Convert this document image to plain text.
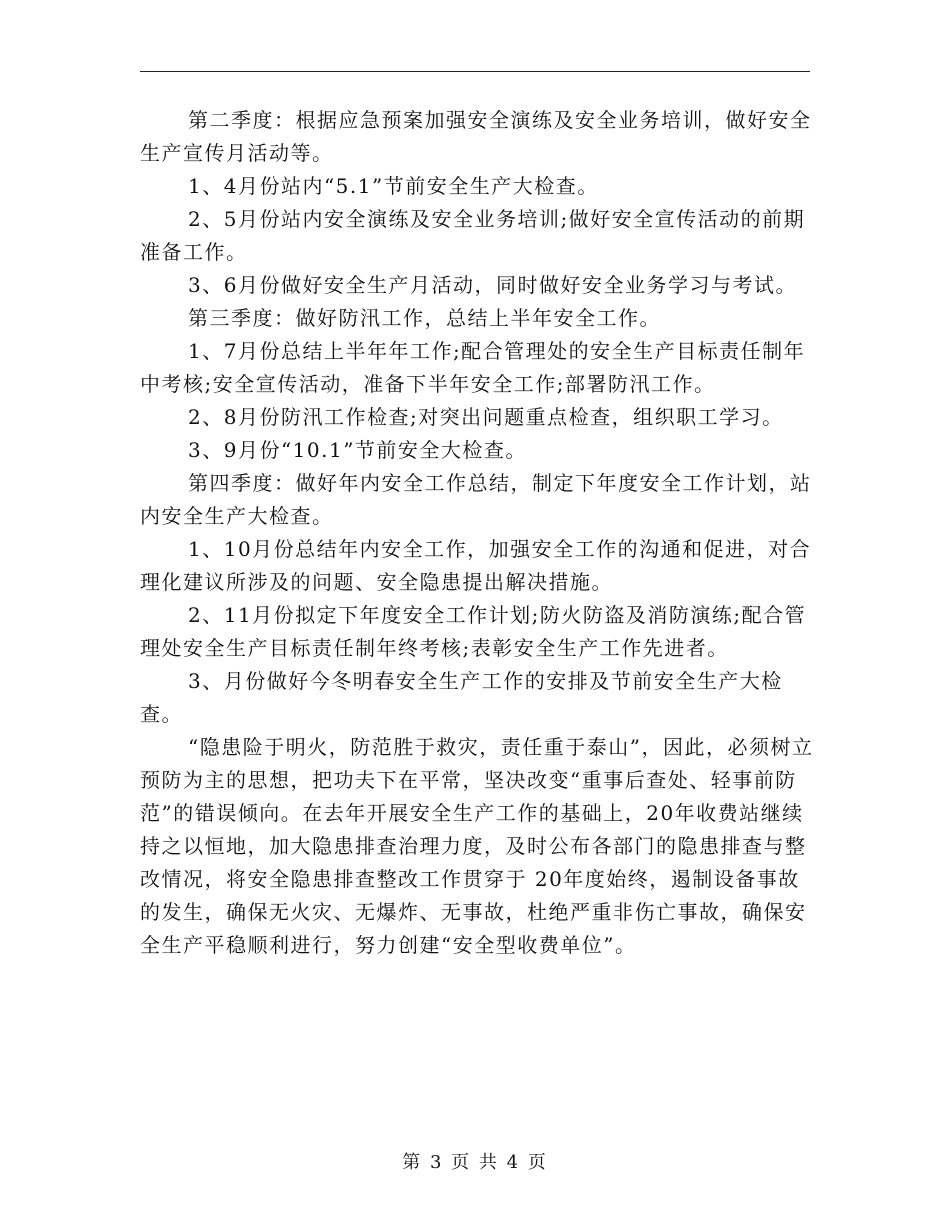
第二季度：根据应急预案加强安全演练及安全业务培训，做好安全生产宣传月活动等。

1、4月份站内“5.1”节前安全生产大检查。

2、5月份站内安全演练及安全业务培训;做好安全宣传活动的前期准备工作。

3、6月份做好安全生产月活动，同时做好安全业务学习与考试。

第三季度：做好防汛工作，总结上半年安全工作。

1、7月份总结上半年年工作;配合管理处的安全生产目标责任制年中考核;安全宣传活动，准备下半年安全工作;部署防汛工作。

2、8月份防汛工作检查;对突出问题重点检查，组织职工学习。

3、9月份“10.1”节前安全大检查。

第四季度：做好年内安全工作总结，制定下年度安全工作计划，站内安全生产大检查。

1、10月份总结年内安全工作，加强安全工作的沟通和促进，对合理化建议所涉及的问题、安全隐患提出解决措施。

2、11月份拟定下年度安全工作计划;防火防盗及消防演练;配合管理处安全生产目标责任制年终考核;表彰安全生产工作先进者。

3、月份做好今冬明春安全生产工作的安排及节前安全生产大检查。

“隐患险于明火，防范胜于救灾，责任重于泰山”，因此，必须树立预防为主的思想，把功夫下在平常，坚决改变“重事后查处、轻事前防范”的错误倾向。在去年开展安全生产工作的基础上，20年收费站继续持之以恒地，加大隐患排查治理力度，及时公布各部门的隐患排查与整改情况，将安全隐患排查整改工作贯穿于 20年度始终，遏制设备事故的发生，确保无火灾、无爆炸、无事故，杜绝严重非伤亡事故，确保安全生产平稳顺利进行，努力创建“安全型收费单位”。

第 3 页 共 4 页
